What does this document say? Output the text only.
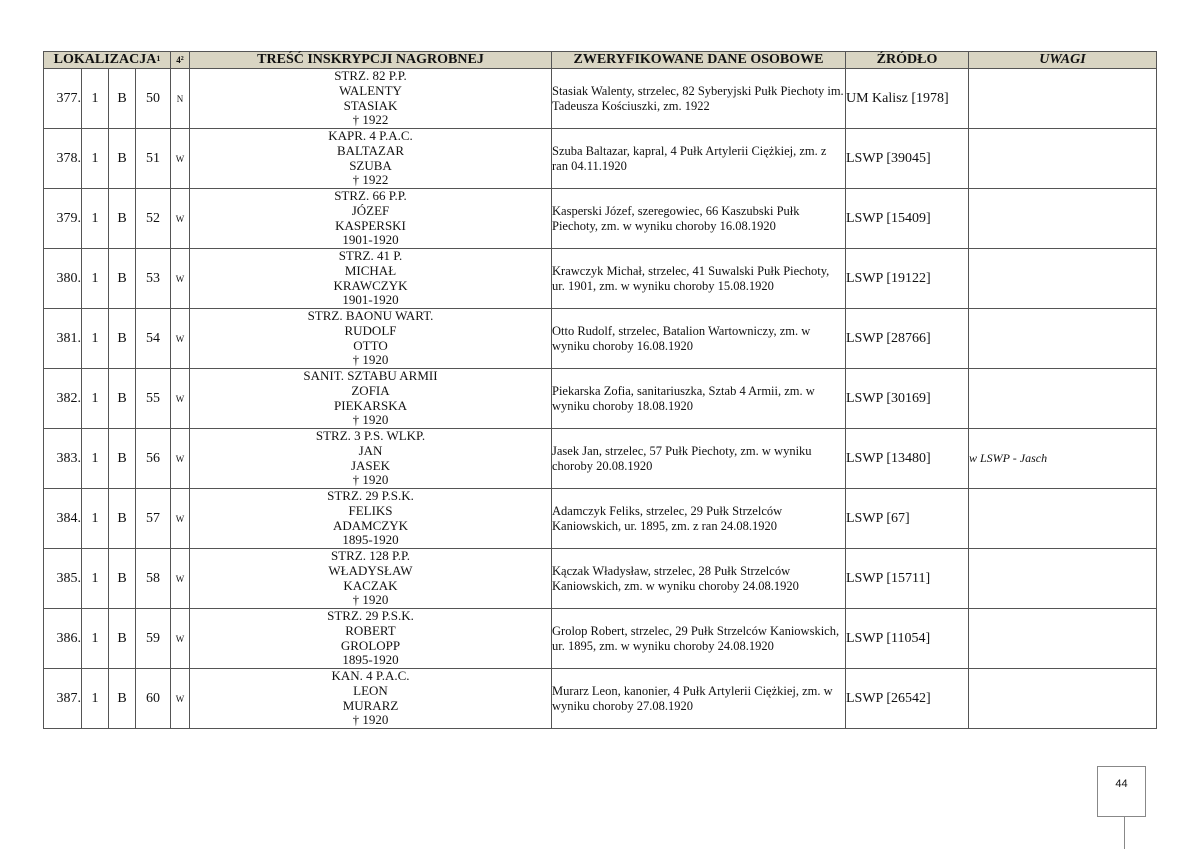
LOKALIZACJA$^1$				$4^2$	TREŚĆ INSKRYPCJI NAGROBNEJ	ZWERYFIKOWANE DANE OSOBOWE	ŹRÓDŁO	UWAGI
377.	1	B	50	N	STRZ. 82 P.P.
WALENTY
STASIAK
† 1922	Stasiak Walenty, strzelec, 82 Syberyjski Pułk Piechoty im. Tadeusza Kościuszki, zm. 1922	UM Kalisz [1978]	
378.	1	B	51	W	KAPR. 4 P.A.C.
BALTAZAR
SZUBA
† 1922	Szuba Baltazar, kapral, 4 Pułk Artylerii Ciężkiej, zm. z ran 04.11.1920	LSWP [39045]	
379.	1	B	52	W	STRZ. 66 P.P.
JÓZEF
KASPERSKI
1901-1920	Kasperski Józef, szeregowiec, 66 Kaszubski Pułk Piechoty, zm. w wyniku choroby 16.08.1920	LSWP [15409]	
380.	1	B	53	W	STRZ. 41 P.
MICHAŁ
KRAWCZYK
1901-1920	Krawczyk Michał, strzelec, 41 Suwalski Pułk Piechoty, ur. 1901, zm. w wyniku choroby 15.08.1920	LSWP [19122]	
381.	1	B	54	W	STRZ. BAONU WART.
RUDOLF
OTTO
† 1920	Otto Rudolf, strzelec, Batalion Wartowniczy, zm. w wyniku choroby 16.08.1920	LSWP [28766]	
382.	1	B	55	W	SANIT. SZTABU ARMII
ZOFIA
PIEKARSKA
† 1920	Piekarska Zofia, sanitariuszka, Sztab 4 Armii, zm. w wyniku choroby 18.08.1920	LSWP [30169]	
383.	1	B	56	W	STRZ. 3 P.S. WLKP.
JAN
JASEK
† 1920	Jasek Jan, strzelec, 57 Pułk Piechoty, zm. w wyniku choroby 20.08.1920	LSWP [13480]	w LSWP - Jasch
384.	1	B	57	W	STRZ. 29 P.S.K.
FELIKS
ADAMCZYK
1895-1920	Adamczyk Feliks, strzelec, 29 Pułk Strzelców Kaniowskich, ur. 1895, zm. z ran 24.08.1920	LSWP [67]	
385.	1	B	58	W	STRZ. 128 P.P.
WŁADYSŁAW
KACZAK
† 1920	Kączak Władysław, strzelec, 28 Pułk Strzelców Kaniowskich, zm. w wyniku choroby 24.08.1920	LSWP [15711]	
386.	1	B	59	W	STRZ. 29 P.S.K.
ROBERT
GROLOPP
1895-1920	Grolop Robert, strzelec, 29 Pułk Strzelców Kaniowskich, ur. 1895, zm. w wyniku choroby 24.08.1920	LSWP [11054]	
387.	1	B	60	W	KAN. 4 P.A.C.
LEON
MURARZ
† 1920	Murarz Leon, kanonier, 4 Pułk Artylerii Ciężkiej, zm. w wyniku choroby 27.08.1920	LSWP [26542]	
44
